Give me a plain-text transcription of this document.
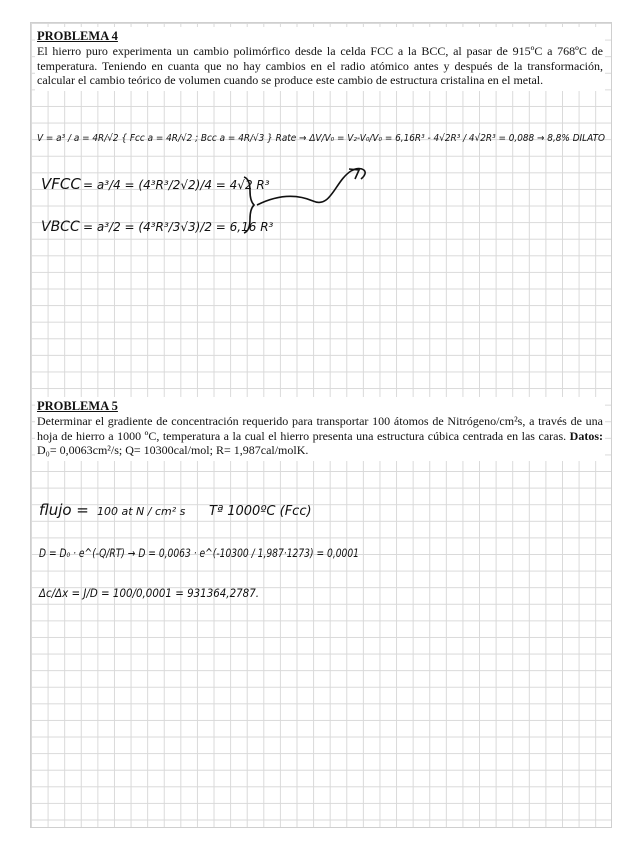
PROBLEMA 4

El hierro puro experimenta un cambio polimórfico desde la celda FCC a la BCC, al pasar de 915ºC a 768ºC de temperatura. Teniendo en cuanta que no hay cambios en el radio atómico antes y después de la transformación, calcular el cambio teórico de volumen cuando se produce este cambio de estructura cristalina en el metal.

V = a³ / a = 4R/√2 { Fcc a = 4R/√2 ; Bcc a = 4R/√3 } Rate → ΔV/V₀ = V₂-V₀/V₀ = 6,16R³ - 4√2R³ / 4√2R³ = 0,088 → 8,8% DILATO
VFCC = a³/4 = (4³R³/2√2)/4 = 4√2 R³
VBCC = a³/2 = (4³R³/3√3)/2 = 6,16 R³
PROBLEMA 5

Determinar el gradiente de concentración requerido para transportar 100 átomos de Nitrógeno/cm²s, a través de una hoja de hierro a 1000 ºC, temperatura a la cual el hierro presenta una estructura cúbica centrada en las caras. Datos: D₀= 0,0063cm²/s; Q= 10300cal/mol; R= 1,987cal/molK.

flujo = 100 at N / cm² s Tª 1000ºC (Fcc)
D = D₀ · e^(-Q/RT) → D = 0,0063 · e^(-10300 / 1,987·1273) = 0,0001
Δc/Δx = J/D = 100/0,0001 = 931364,2787.
